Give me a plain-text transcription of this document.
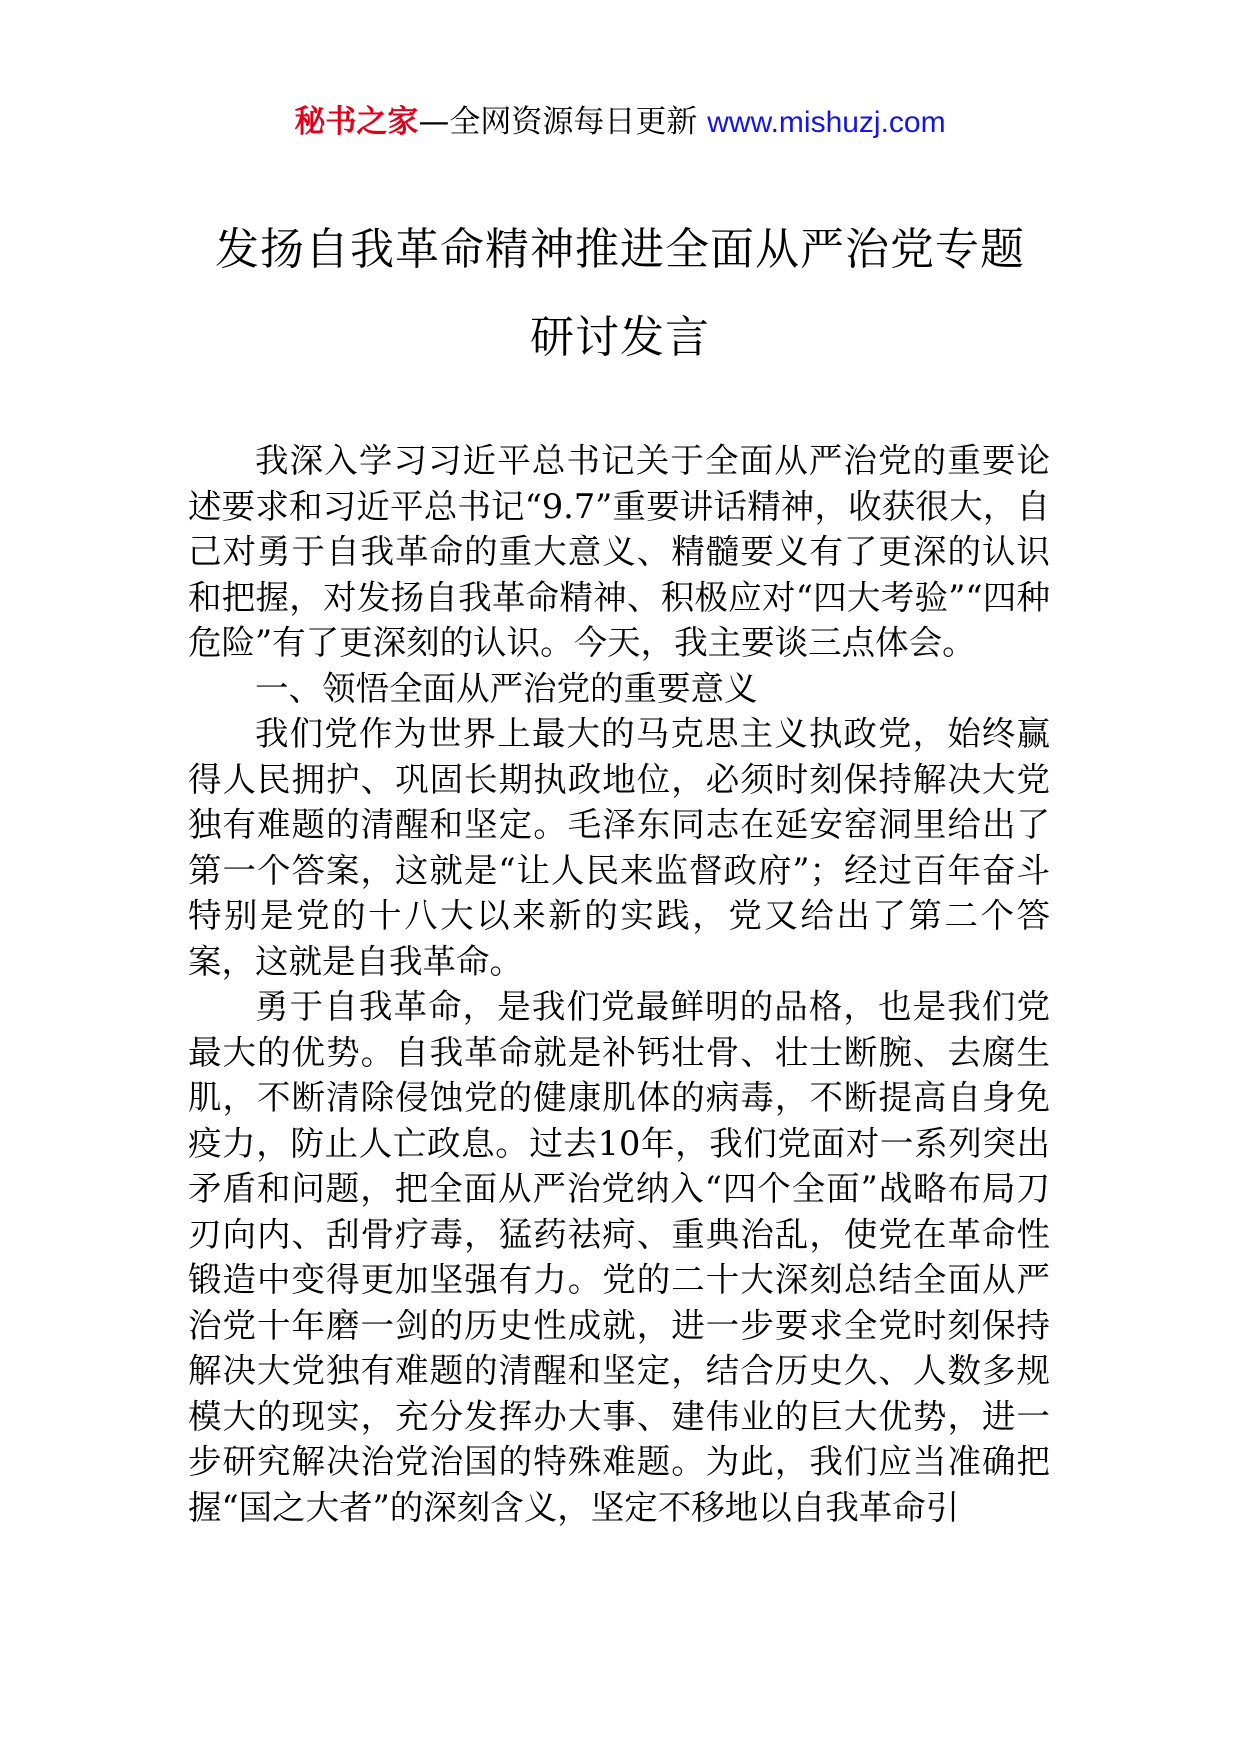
秘书之家—全网资源每日更新 www.mishuzj.com
发扬自我革命精神推进全面从严治党专题
研讨发言

我深入学习习近平总书记关于全面从严治党的重要论述要求和习近平总书记“9.7”重要讲话精神，收获很大，自己对勇于自我革命的重大意义、精髓要义有了更深的认识和把握，对发扬自我革命精神、积极应对“四大考验”“四种危险”有了更深刻的认识。今天，我主要谈三点体会。

一、领悟全面从严治党的重要意义

我们党作为世界上最大的马克思主义执政党，始终赢得人民拥护、巩固长期执政地位，必须时刻保持解决大党独有难题的清醒和坚定。毛泽东同志在延安窑洞里给出了第一个答案，这就是“让人民来监督政府”；经过百年奋斗特别是党的十八大以来新的实践，党又给出了第二个答案，这就是自我革命。

勇于自我革命，是我们党最鲜明的品格，也是我们党最大的优势。自我革命就是补钙壮骨、壮士断腕、去腐生肌，不断清除侵蚀党的健康肌体的病毒，不断提高自身免疫力，防止人亡政息。过去10年，我们党面对一系列突出矛盾和问题，把全面从严治党纳入“四个全面”战略布局刀刃向内、刮骨疗毒，猛药祛疴、重典治乱，使党在革命性锻造中变得更加坚强有力。党的二十大深刻总结全面从严治党十年磨一剑的历史性成就，进一步要求全党时刻保持解决大党独有难题的清醒和坚定，结合历史久、人数多规模大的现实，充分发挥办大事、建伟业的巨大优势，进一步研究解决治党治国的特殊难题。为此，我们应当准确把握“国之大者”的深刻含义，坚定不移地以自我革命引
